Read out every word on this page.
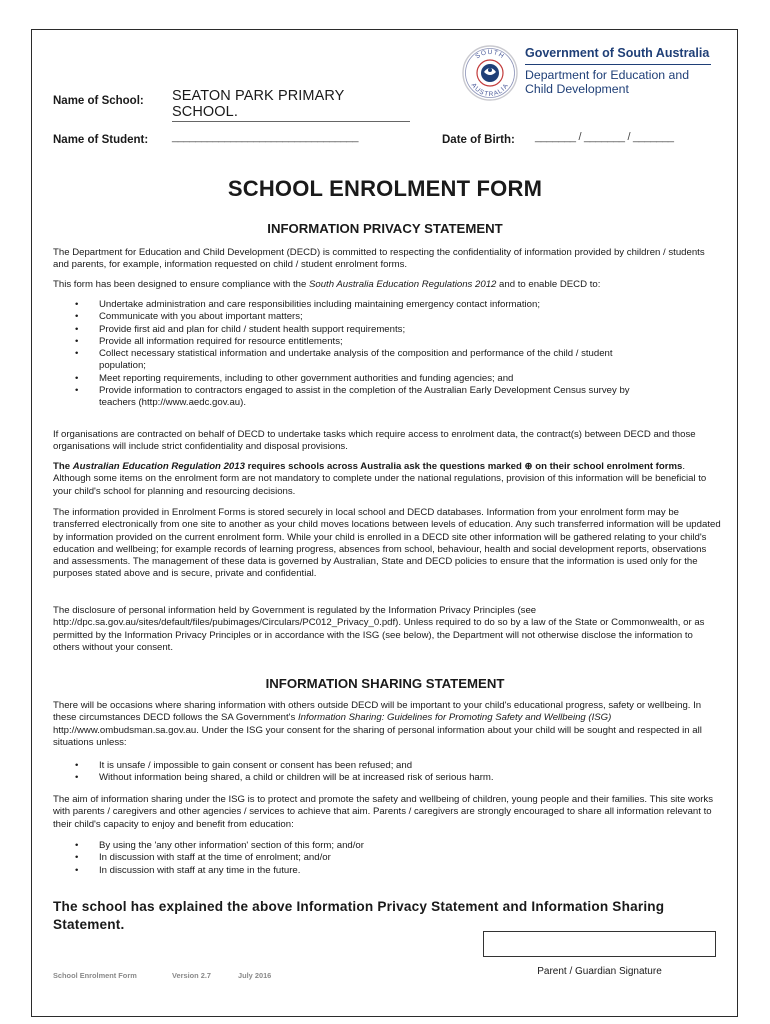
SOUTH
AUSTRALIA
Government of South Australia
Department for Education and
Child Development
Name of School: SEATON PARK PRIMARY SCHOOL.
Name of Student: ________________________________	Date of Birth: _______ / _______ / _______
SCHOOL ENROLMENT FORM
INFORMATION PRIVACY STATEMENT
The Department for Education and Child Development (DECD) is committed to respecting the confidentiality of information provided by children / students and parents, for example, information requested on child / student enrolment forms.
This form has been designed to ensure compliance with the South Australia Education Regulations 2012 and to enable DECD to:
• Undertake administration and care responsibilities including maintaining emergency contact information;
• Communicate with you about important matters;
• Provide first aid and plan for child / student health support requirements;
• Provide all information required for resource entitlements;
• Collect necessary statistical information and undertake analysis of the composition and performance of the child / student population;
• Meet reporting requirements, including to other government authorities and funding agencies; and
• Provide information to contractors engaged to assist in the completion of the Australian Early Development Census survey by teachers (http://www.aedc.gov.au).
If organisations are contracted on behalf of DECD to undertake tasks which require access to enrolment data, the contract(s) between DECD and those organisations will include strict confidentiality and disposal provisions.
The Australian Education Regulation 2013 requires schools across Australia ask the questions marked ⊕ on their school enrolment forms. Although some items on the enrolment form are not mandatory to complete under the national regulations, provision of this information will be beneficial to your child's school for planning and resourcing decisions.
The information provided in Enrolment Forms is stored securely in local school and DECD databases. Information from your enrolment form may be transferred electronically from one site to another as your child moves locations between levels of education. Any such transferred information will be updated by information provided on the current enrolment form. While your child is enrolled in a DECD site other information will be gathered relating to your child's education and wellbeing; for example records of learning progress, absences from school, behaviour, health and social development reports, observations and assessments. The management of these data is governed by Australian, State and DECD policies to ensure that the information is used only for the purposes stated above and is secure, private and confidential.
The disclosure of personal information held by Government is regulated by the Information Privacy Principles (see http://dpc.sa.gov.au/sites/default/files/pubimages/Circulars/PC012_Privacy_0.pdf). Unless required to do so by a law of the State or Commonwealth, or as permitted by the Information Privacy Principles or in accordance with the ISG (see below), the Department will not otherwise disclose the information to others without your consent.
INFORMATION SHARING STATEMENT
There will be occasions where sharing information with others outside DECD will be important to your child's educational progress, safety or wellbeing. In these circumstances DECD follows the SA Government's Information Sharing: Guidelines for Promoting Safety and Wellbeing (ISG) http://www.ombudsman.sa.gov.au. Under the ISG your consent for the sharing of personal information about your child will be sought and respected in all situations unless:
• It is unsafe / impossible to gain consent or consent has been refused; and
• Without information being shared, a child or children will be at increased risk of serious harm.
The aim of information sharing under the ISG is to protect and promote the safety and wellbeing of children, young people and their families. This site works with parents / caregivers and other agencies / services to achieve that aim. Parents / caregivers are strongly encouraged to share all information relevant to their child's capacity to enjoy and benefit from education:
• By using the 'any other information' section of this form; and/or
• In discussion with staff at the time of enrolment; and/or
• In discussion with staff at any time in the future.
The school has explained the above Information Privacy Statement and Information Sharing Statement.
Parent / Guardian Signature
School Enrolment Form	Version 2.7	July 2016
